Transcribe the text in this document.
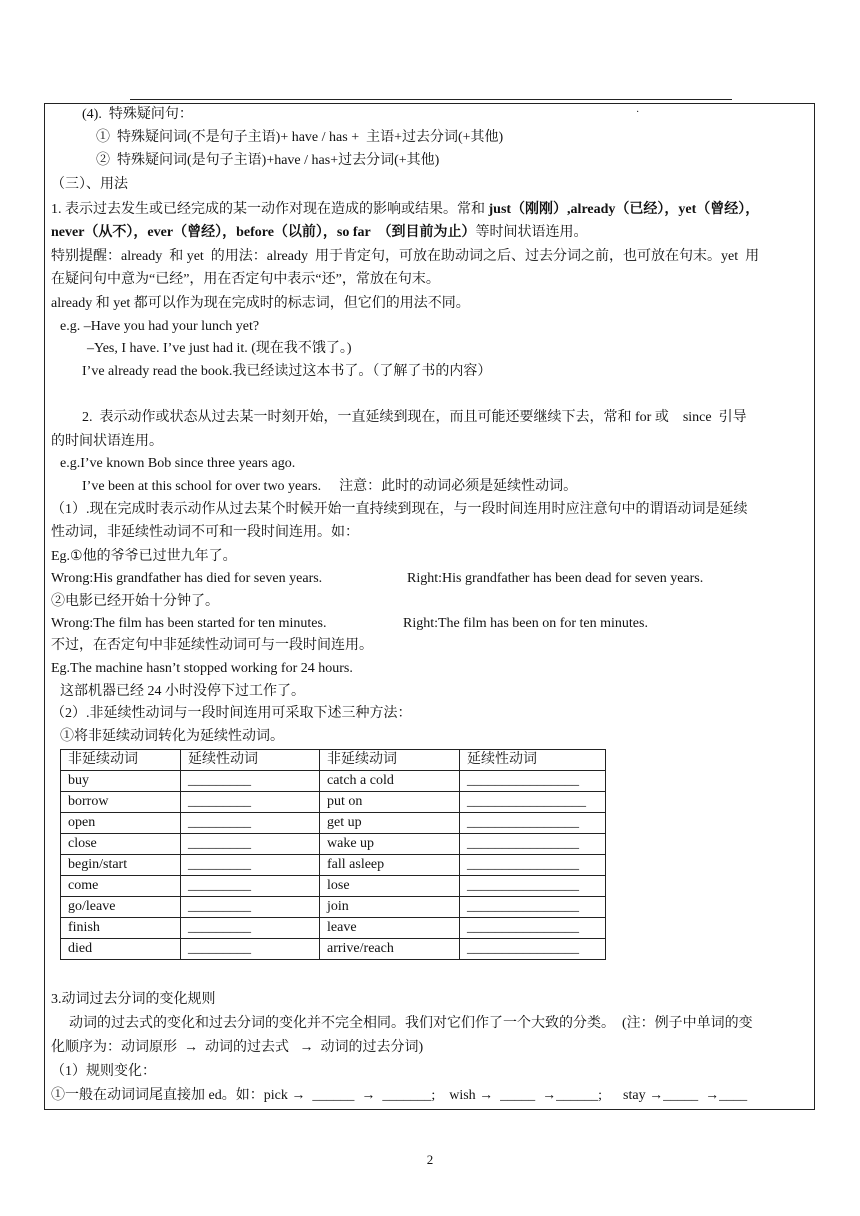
·
(4).  特殊疑问句：
①  特殊疑问词(不是句子主语)+ have / has +  主语+过去分词(+其他)
②  特殊疑问词(是句子主语)+have / has+过去分词(+其他)
（三）、用法
1. 表示过去发生或已经完成的某一动作对现在造成的影响或结果。常和 just（刚刚）,already（已经），yet（曾经），
never（从不），ever（曾经），before（以前），so far  （到目前为止）等时间状语连用。
特别提醒：already  和 yet  的用法：already  用于肯定句，可放在助动词之后、过去分词之前，也可放在句末。yet  用
在疑问句中意为“已经”，用在否定句中表示“还”，常放在句末。
already 和 yet 都可以作为现在完成时的标志词，但它们的用法不同。
e.g. –Have you had your lunch yet?
–Yes, I have. I’ve just had it. (现在我不饿了。)
I’ve already read the book.我已经读过这本书了。（了解了书的内容）
2.  表示动作或状态从过去某一时刻开始，一直延续到现在，而且可能还要继续下去，常和 for 或    since  引导
的时间状语连用。
e.g.I’ve known Bob since three years ago.
I’ve been at this school for over two years. 注意：此时的动词必须是延续性动词。
（1）.现在完成时表示动作从过去某个时候开始一直持续到现在，与一段时间连用时应注意句中的谓语动词是延续
性动词，非延续性动词不可和一段时间连用。如：
Eg.①他的爷爷已过世九年了。
Wrong:His grandfather has died for seven years.	Right:His grandfather has been dead for seven years.
②电影已经开始十分钟了。
Wrong:The film has been started for ten minutes.	Right:The film has been on for ten minutes.
不过，在否定句中非延续性动词可与一段时间连用。
Eg.The machine hasn’t stopped working for 24 hours.
这部机器已经 24 小时没停下过工作了。
（2）.非延续性动词与一段时间连用可采取下述三种方法：
①将非延续动词转化为延续性动词。
非延续动词	延续性动词	非延续动词	延续性动词
buy	_________	catch a cold	________________
borrow	_________	put on	_________________
open	_________	get up	________________
close	_________	wake up	________________
begin/start	_________	fall asleep	________________
come	_________	lose	________________
go/leave	_________	join	________________
finish	_________	leave	________________
died	_________	arrive/reach	________________
3.动词过去分词的变化规则
动词的过去式的变化和过去分词的变化并不完全相同。我们对它们作了一个大致的分类。  (注：例子中单词的变
化顺序为：动词原形  →  动词的过去式   →  动词的过去分词)
（1）规则变化：
①一般在动词词尾直接加 ed。如：pick →  ______  →  _______;    wish →  _____  →______;      stay →_____  →____
2
